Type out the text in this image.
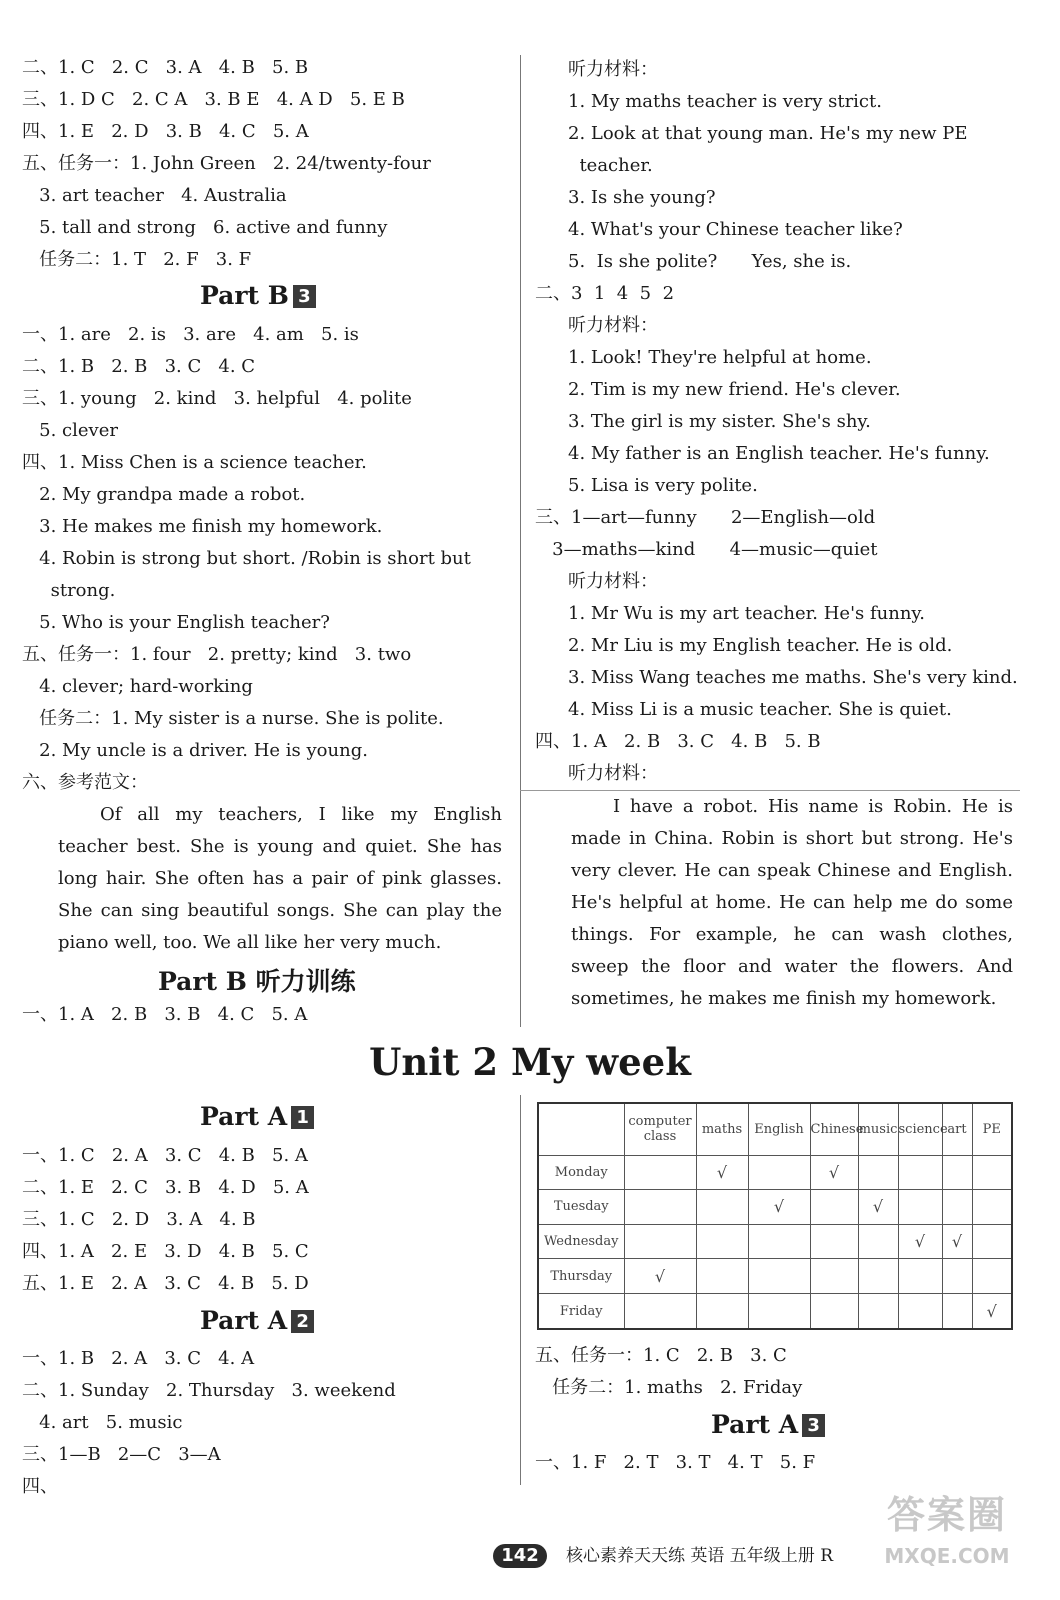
二、1. C   2. C   3. A   4. B   5. B
三、1. D C   2. C A   3. B E   4. A D   5. E B
四、1. E   2. D   3. B   4. C   5. A
五、任务一：1. John Green   2. 24/twenty-four
3. art teacher   4. Australia
5. tall and strong   6. active and funny
任务二：1. T   2. F   3. F
Part B 3
一、1. are   2. is   3. are   4. am   5. is
二、1. B   2. B   3. C   4. C
三、1. young   2. kind   3. helpful   4. polite
5. clever
四、1. Miss Chen is a science teacher.
2. My grandpa made a robot.
3. He makes me finish my homework.
4. Robin is strong but short. /Robin is short but
strong.
5. Who is your English teacher?
五、任务一：1. four   2. pretty; kind   3. two
4. clever; hard-working
任务二：1. My sister is a nurse. She is polite.
2. My uncle is a driver. He is young.
六、参考范文：
Of all my teachers, I like my English teacher best. She is young and quiet. She has long hair. She often has a pair of pink glasses. She can sing beautiful songs. She can play the piano well, too. We all like her very much.
Part B 听力训练
一、1. A   2. B   3. B   4. C   5. A
听力材料：
1. My maths teacher is very strict.
2. Look at that young man. He's my new PE
teacher.
3. Is she young?
4. What's your Chinese teacher like?
5.  Is she polite?      Yes, she is.
二、3  1  4  5  2
听力材料：
1. Look! They're helpful at home.
2. Tim is my new friend. He's clever.
3. The girl is my sister. She's shy.
4. My father is an English teacher. He's funny.
5. Lisa is very polite.
三、1—art—funny      2—English—old
3—maths—kind      4—music—quiet
听力材料：
1. Mr Wu is my art teacher. He's funny.
2. Mr Liu is my English teacher. He is old.
3. Miss Wang teaches me maths. She's very kind.
4. Miss Li is a music teacher. She is quiet.
四、1. A   2. B   3. C   4. B   5. B
听力材料：
I have a robot. His name is Robin. He is made in China. Robin is short but strong. He's very clever. He can speak Chinese and English. He's helpful at home. He can help me do some things. For example, he can wash clothes, sweep the floor and water the flowers. And sometimes, he makes me finish my homework.
Unit 2 My week
Part A 1
一、1. C   2. A   3. C   4. B   5. A
二、1. E   2. C   3. B   4. D   5. A
三、1. C   2. D   3. A   4. B
四、1. A   2. E   3. D   4. B   5. C
五、1. E   2. A   3. C   4. B   5. D
Part A 2
一、1. B   2. A   3. C   4. A
二、1. Sunday   2. Thursday   3. weekend
4. art   5. music
三、1—B   2—C   3—A
四、
	computer class	maths	English	Chinese	music	science	art	PE
Monday		√		√				
Tuesday			√		√			
Wednesday						√	√	
Thursday	√							
Friday								√
五、任务一：1. C   2. B   3. C
任务二：1. maths   2. Friday
Part A 3
一、1. F   2. T   3. T   4. T   5. F
142	核心素养天天练 英语 五年级上册 R
答案圈
MXQE.COM
